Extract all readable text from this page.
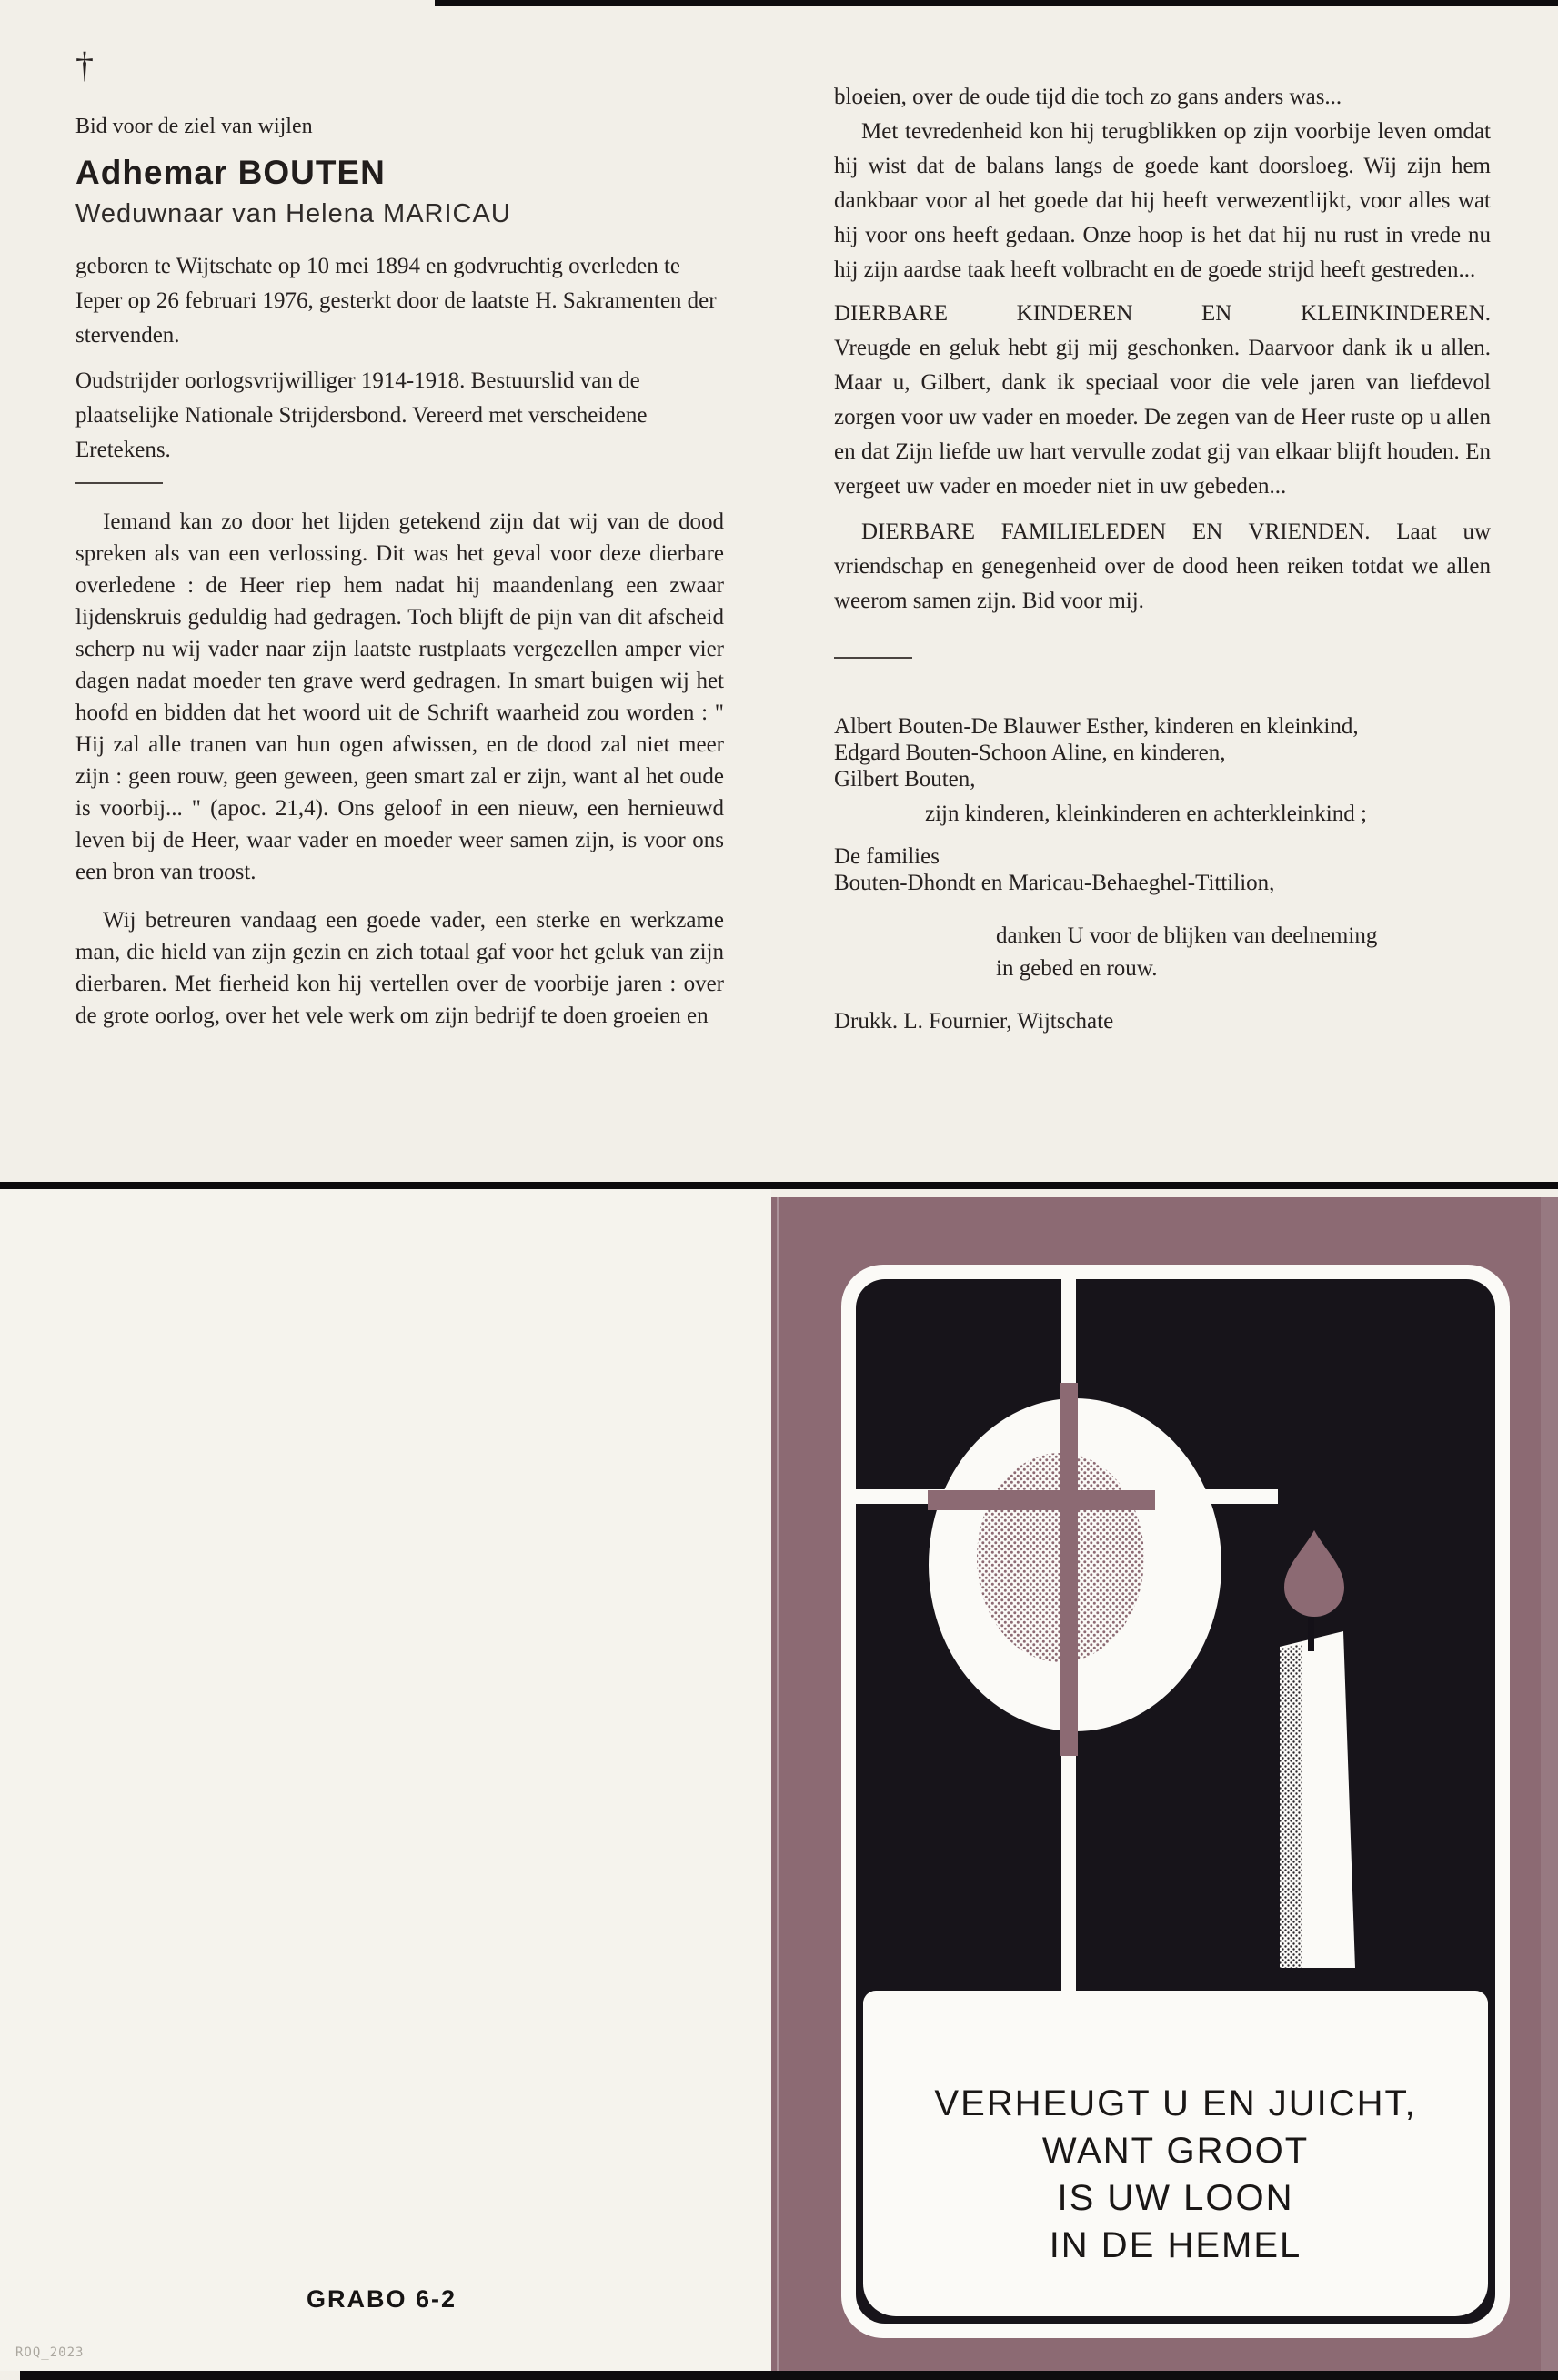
†
Bid voor de ziel van wijlen
Adhemar BOUTEN
Weduwnaar van Helena MARICAU
geboren te Wijtschate op 10 mei 1894 en godvruchtig overleden te Ieper op 26 februari 1976, gesterkt door de laatste H. Sakramenten der stervenden.
Oudstrijder oorlogsvrijwilliger 1914-1918. Bestuurslid van de plaatselijke Nationale Strijdersbond. Vereerd met verscheidene Eretekens.
Iemand kan zo door het lijden getekend zijn dat wij van de dood spreken als van een verlossing. Dit was het geval voor deze dierbare overledene : de Heer riep hem nadat hij maandenlang een zwaar lijdenskruis geduldig had gedragen. Toch blijft de pijn van dit afscheid scherp nu wij vader naar zijn laatste rustplaats vergezellen amper vier dagen nadat moeder ten grave werd gedragen. In smart buigen wij het hoofd en bidden dat het woord uit de Schrift waarheid zou worden : " Hij zal alle tranen van hun ogen afwissen, en de dood zal niet meer zijn : geen rouw, geen geween, geen smart zal er zijn, want al het oude is voorbij... " (apoc. 21,4). Ons geloof in een nieuw, een hernieuwd leven bij de Heer, waar vader en moeder weer samen zijn, is voor ons een bron van troost.
Wij betreuren vandaag een goede vader, een sterke en werkzame man, die hield van zijn gezin en zich totaal gaf voor het geluk van zijn dierbaren. Met fierheid kon hij vertellen over de voorbije jaren : over de grote oorlog, over het vele werk om zijn bedrijf te doen groeien en
bloeien, over de oude tijd die toch zo gans anders was...
Met tevredenheid kon hij terugblikken op zijn voorbije leven omdat hij wist dat de balans langs de goede kant doorsloeg. Wij zijn hem dankbaar voor al het goede dat hij heeft verwezentlijkt, voor alles wat hij voor ons heeft gedaan. Onze hoop is het dat hij nu rust in vrede nu hij zijn aardse taak heeft volbracht en de goede strijd heeft gestreden...
DIERBARE KINDEREN EN KLEINKINDEREN.
Vreugde en geluk hebt gij mij geschonken. Daarvoor dank ik u allen. Maar u, Gilbert, dank ik speciaal voor die vele jaren van liefdevol zorgen voor uw vader en moeder. De zegen van de Heer ruste op u allen en dat Zijn liefde uw hart vervulle zodat gij van elkaar blijft houden. En vergeet uw vader en moeder niet in uw gebeden...
DIERBARE FAMILIELEDEN EN VRIENDEN. Laat uw vriendschap en genegenheid over de dood heen reiken totdat we allen weerom samen zijn. Bid voor mij.
Albert Bouten-De Blauwer Esther, kinderen en kleinkind,
Edgard Bouten-Schoon Aline, en kinderen,
Gilbert Bouten,
zijn kinderen, kleinkinderen en achterkleinkind ;
De families
Bouten-Dhondt en Maricau-Behaeghel-Tittilion,
danken U voor de blijken van deelneming
in gebed en rouw.
Drukk. L. Fournier, Wijtschate
VERHEUGT U EN JUICHT,
WANT GROOT
IS UW LOON
IN DE HEMEL
GRABO 6-2
ROQ_2023
